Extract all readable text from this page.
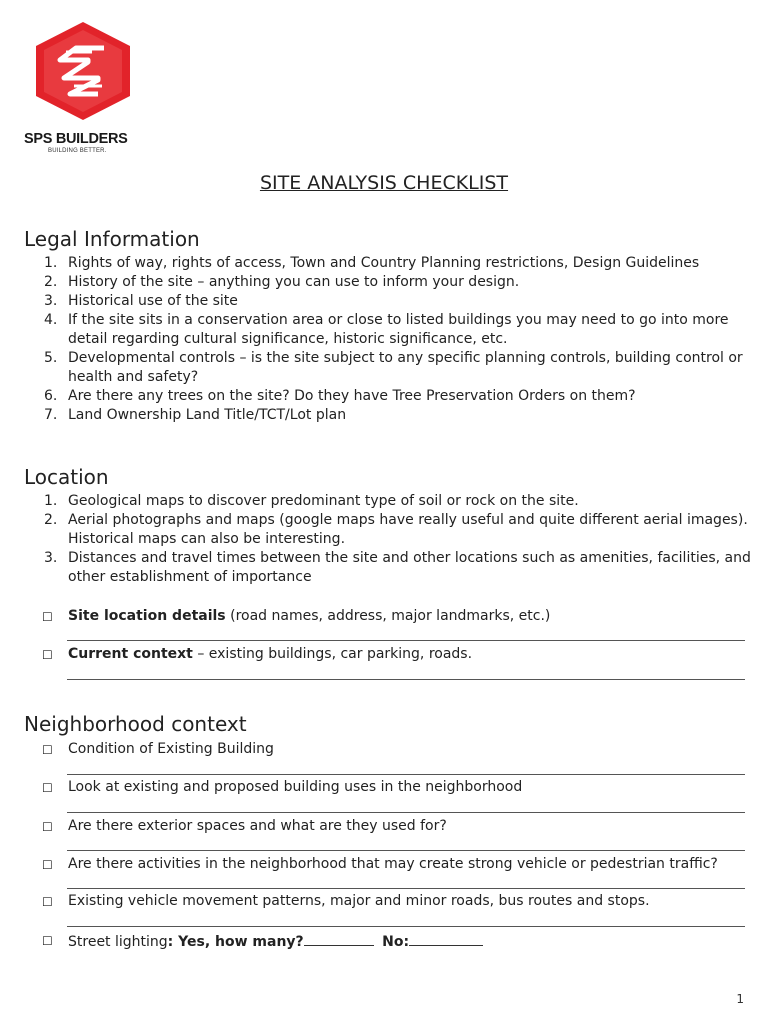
SPS BUILDERS
BUILDING BETTER.
SITE ANALYSIS CHECKLIST
Legal Information
1. Rights of way, rights of access, Town and Country Planning restrictions, Design Guidelines
2. History of the site – anything you can use to inform your design.
3. Historical use of the site
4. If the site sits in a conservation area or close to listed buildings you may need to go into more detail regarding cultural significance, historic significance, etc.
5. Developmental controls – is the site subject to any specific planning controls, building control or health and safety?
6. Are there any trees on the site? Do they have Tree Preservation Orders on them?
7. Land Ownership Land Title/TCT/Lot plan
Location
1. Geological maps to discover predominant type of soil or rock on the site.
2. Aerial photographs and maps (google maps have really useful and quite different aerial images). Historical maps can also be interesting.
3. Distances and travel times between the site and other locations such as amenities, facilities, and other establishment of importance
☐ Site location details (road names, address, major landmarks, etc.)
☐ Current context – existing buildings, car parking, roads.
Neighborhood context
☐ Condition of Existing Building
☐ Look at existing and proposed building uses in the neighborhood
☐ Are there exterior spaces and what are they used for?
☐ Are there activities in the neighborhood that may create strong vehicle or pedestrian traffic?
☐ Existing vehicle movement patterns, major and minor roads, bus routes and stops.
☐ Street lighting: Yes, how many?	No:
1
